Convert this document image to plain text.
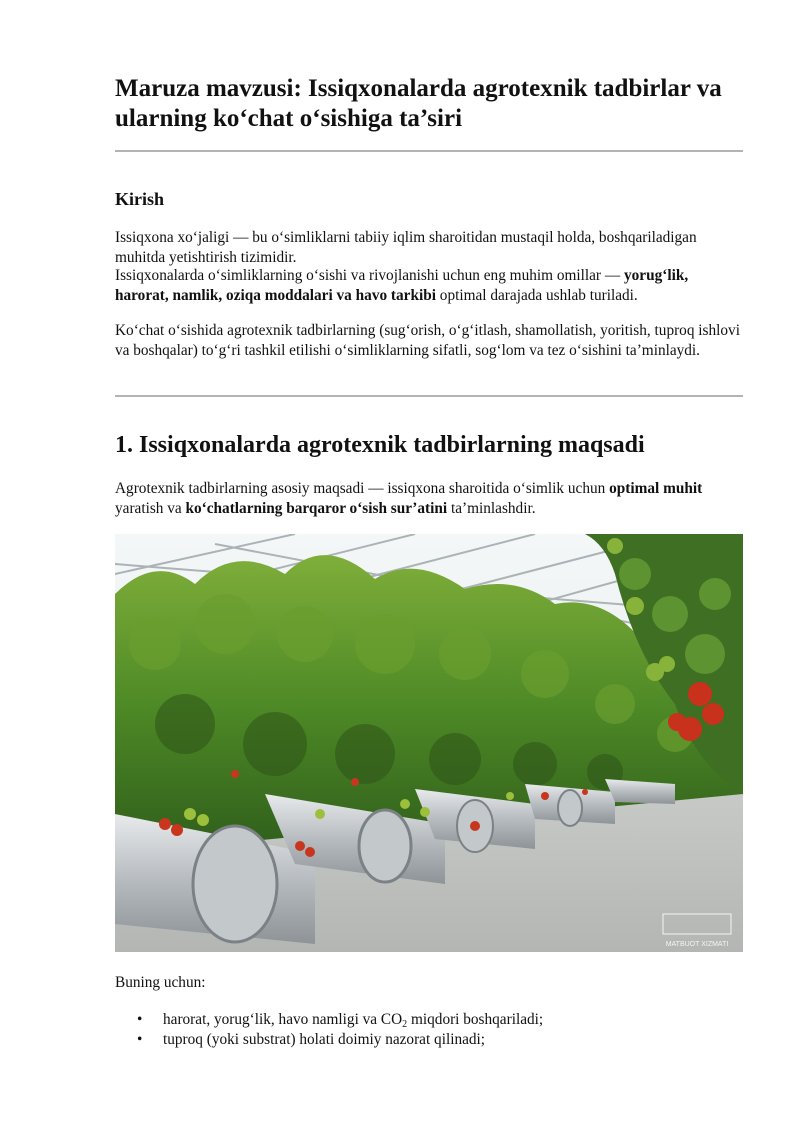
Maruza mavzusi: Issiqxonalarda agrotexnik tadbirlar va
ularning ko‘chat o‘sishiga ta’siri
Kirish

Issiqxona xo‘jaligi — bu o‘simliklarni tabiiy iqlim sharoitidan mustaqil holda, boshqariladigan muhitda yetishtirish tizimidir.

Issiqxonalarda o‘simliklarning o‘sishi va rivojlanishi uchun eng muhim omillar — yorug‘lik, harorat, namlik, oziqa moddalari va havo tarkibi optimal darajada ushlab turiladi.

Ko‘chat o‘sishida agrotexnik tadbirlarning (sug‘orish, o‘g‘itlash, shamollatish, yoritish, tuproq ishlovi va boshqalar) to‘g‘ri tashkil etilishi o‘simliklarning sifatli, sog‘lom va tez o‘sishini ta’minlaydi.

1. Issiqxonalarda agrotexnik tadbirlarning maqsadi

Agrotexnik tadbirlarning asosiy maqsadi — issiqxona sharoitida o‘simlik uchun optimal muhit yaratish va ko‘chatlarning barqaror o‘sish sur’atini ta’minlashdir.

MATBUOT XIZMATI

Buning uchun:

• harorat, yorug‘lik, havo namligi va $CO_2$ miqdori boshqariladi;
• tuproq (yoki substrat) holati doimiy nazorat qilinadi;
